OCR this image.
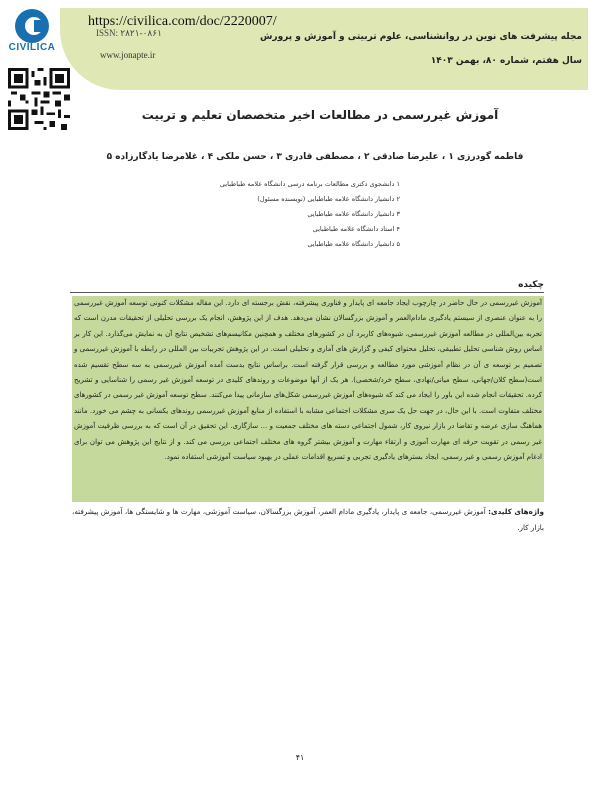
CIVILICA
https://civilica.com/doc/2220007/
ISSN: ۲۸۲۱-۰۸۶۱	مجله پیشرفت های نوین در روانشناسی، علوم تربیتی و آموزش و پرورش
www.jonapte.ir
سال هفتم، شماره ۸۰، بهمن ۱۴۰۳
آموزش غیررسمی در مطالعات اخیر متخصصان تعلیم و تربیت
فاطمه گودرزی ۱ ، علیرضا صادقی ۲ ، مصطفی قادری ۳ ، حسن ملکی ۴ ، غلامرضا یادگارزاده ۵
۱ دانشجوی دکتری مطالعات برنامه درسی دانشگاه علامه طباطبایی
۲ دانشیار دانشگاه علامه طباطبایی (نویسنده مسئول)
۳ دانشیار دانشگاه علامه طباطبایی
۴ استاد دانشگاه علامه طباطبایی
۵ دانشیار دانشگاه علامه طباطبایی
چکیده
آموزش غیررسمی در حال حاضر در چارچوب ایجاد جامعه ای پایدار و فناوری پیشرفته، نقش برجسته ای دارد. این مقاله مشکلات کنونی توسعه آموزش غیررسمی را به عنوان عنصری از سیستم یادگیری مادام‌العمر و آموزش بزرگسالان نشان می‌دهد. هدف از این پژوهش، انجام یک بررسی تحلیلی از تحقیقات مدرن است که تجربه بین‌المللی در مطالعه آموزش غیررسمی، شیوه‌های کاربرد آن در کشورهای مختلف و همچنین مکانیسم‌های تشخیص نتایج آن به نمایش می‌گذارد. این کار بر اساس روش شناسی تحلیل تطبیقی، تحلیل محتوای کیفی و گزارش های آماری و تحلیلی است. در این پژوهش تجربیات بین المللی در رابطه با آموزش غیررسمی و تصمیم بر توسعه ی آن در نظام آموزشی مورد مطالعه و بررسی قرار گرفته است. براساس نتایج بدست آمده آموزش غیررسمی به سه سطح تقسیم شده است(سطح کلان/جهانی، سطح میانی/نهادی، سطح خرد/شخصی). هر یک از آنها موضوعات و روندهای کلیدی در توسعه آموزش غیر رسمی را شناسایی و تشریح کرده. تحقیقات انجام شده این باور را ایجاد می کند که شیوه‌های آموزش غیررسمی شکل‌های سازمانی پیدا می‌کنند. سطح توسعه آموزش غیر رسمی در کشورهای مختلف متفاوت است. با این حال، در جهت حل یک سری مشکلات اجتماعی مشابه با استفاده از منابع آموزش غیررسمی روندهای یکسانی به چشم می خورد. مانند هماهنگ سازی عرضه و تقاضا در بازار نیروی کار، شمول اجتماعی دسته های مختلف جمعیت و ... سازگاری. این تحقیق در آن است که به بررسی ظرفیت آموزش غیر رسمی در تقویت حرفه ای مهارت آموزی و ارتقاء مهارت و آموزش بیشتر گروه های مختلف اجتماعی بررسی می کند. و از نتایج این پژوهش می توان برای ادغام آموزش رسمی و غیر رسمی، ایجاد بسترهای یادگیری تجربی و تسریع اقدامات عملی در بهبود سیاست آموزشی استفاده نمود.
واژه‌های کلیدی: آموزش غیررسمی، جامعه ی پایدار، یادگیری مادام العمر، آموزش بزرگسالان، سیاست آموزشی، مهارت ها و شایستگی ها، آموزش پیشرفته، بازار کار.
۴۱
